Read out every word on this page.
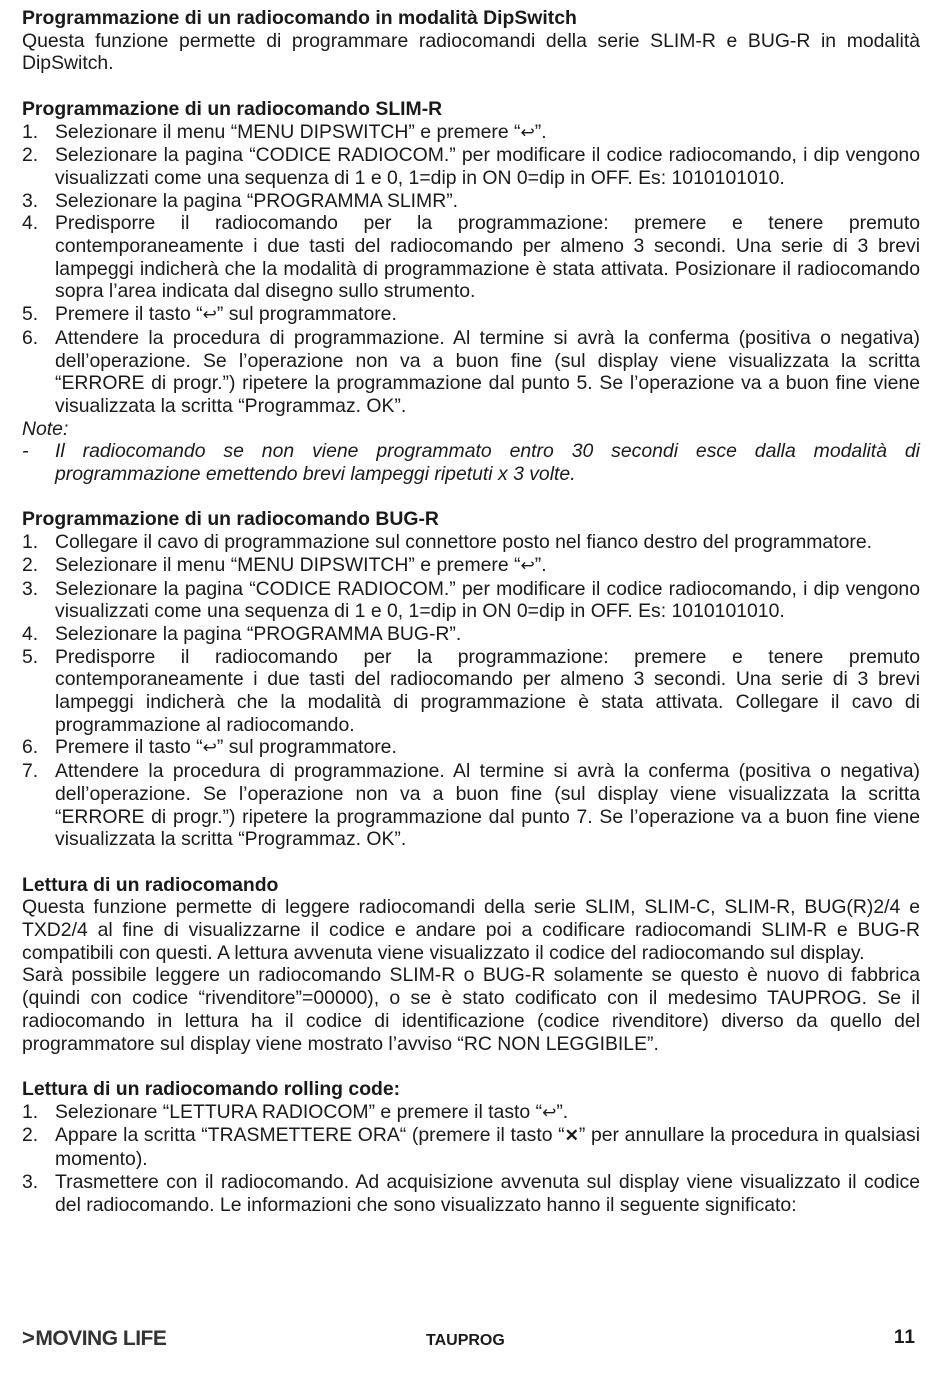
Programmazione di un radiocomando in modalità DipSwitch

Questa funzione permette di programmare radiocomandi della serie SLIM-R e BUG-R in modalità DipSwitch.

Programmazione di un radiocomando SLIM-R
1. Selezionare il menu “MENU DIPSWITCH” e premere “↩”.
2. Selezionare la pagina “CODICE RADIOCOM.” per modificare il codice radiocomando, i dip vengono visualizzati come una sequenza di 1 e 0, 1=dip in ON 0=dip in OFF. Es: 1010101010.
3. Selezionare la pagina “PROGRAMMA SLIMR”.
4. Predisporre il radiocomando per la programmazione: premere e tenere premuto contemporaneamente i due tasti del radiocomando per almeno 3 secondi. Una serie di 3 brevi lampeggi indicherà che la modalità di programmazione è stata attivata. Posizionare il radiocomando sopra l’area indicata dal disegno sullo strumento.
5. Premere il tasto “↩” sul programmatore.
6. Attendere la procedura di programmazione. Al termine si avrà la conferma (positiva o negativa) dell’operazione. Se l’operazione non va a buon fine (sul display viene visualizzata la scritta “ERRORE di progr.”) ripetere la programmazione dal punto 5. Se l’operazione va a buon fine viene visualizzata la scritta “Programmaz. OK”.
Note:
-	Il radiocomando se non viene programmato entro 30 secondi esce dalla modalità di programmazione emettendo brevi lampeggi ripetuti x 3 volte.
Programmazione di un radiocomando BUG-R
1. Collegare il cavo di programmazione sul connettore posto nel fianco destro del programmatore.
2. Selezionare il menu “MENU DIPSWITCH” e premere “↩”.
3. Selezionare la pagina “CODICE RADIOCOM.” per modificare il codice radiocomando, i dip vengono visualizzati come una sequenza di 1 e 0, 1=dip in ON 0=dip in OFF. Es: 1010101010.
4. Selezionare la pagina “PROGRAMMA BUG-R”.
5. Predisporre il radiocomando per la programmazione: premere e tenere premuto contemporaneamente i due tasti del radiocomando per almeno 3 secondi. Una serie di 3 brevi lampeggi indicherà che la modalità di programmazione è stata attivata. Collegare il cavo di programmazione al radiocomando.
6. Premere il tasto “↩” sul programmatore.
7. Attendere la procedura di programmazione. Al termine si avrà la conferma (positiva o negativa) dell’operazione. Se l’operazione non va a buon fine (sul display viene visualizzata la scritta “ERRORE di progr.”) ripetere la programmazione dal punto 7. Se l’operazione va a buon fine viene visualizzata la scritta “Programmaz. OK”.
Lettura di un radiocomando

Questa funzione permette di leggere radiocomandi della serie SLIM, SLIM-C, SLIM-R, BUG(R)2/4 e TXD2/4 al fine di visualizzarne il codice e andare poi a codificare radiocomandi SLIM-R e BUG-R compatibili con questi. A lettura avvenuta viene visualizzato il codice del radiocomando sul display.

Sarà possibile leggere un radiocomando SLIM-R o BUG-R solamente se questo è nuovo di fabbrica (quindi con codice “rivenditore”=00000), o se è stato codificato con il medesimo TAUPROG. Se il radiocomando in lettura ha il codice di identificazione (codice rivenditore) diverso da quello del programmatore sul display viene mostrato l’avviso “RC NON LEGGIBILE”.

Lettura di un radiocomando rolling code:
1. Selezionare “LETTURA RADIOCOM” e premere il tasto “↩”.
2. Appare la scritta “TRASMETTERE ORA“ (premere il tasto “✕” per annullare la procedura in qualsiasi momento).
3. Trasmettere con il radiocomando. Ad acquisizione avvenuta sul display viene visualizzato il codice del radiocomando. Le informazioni che sono visualizzato hanno il seguente significato:
>MOVING LIFE	TAUPROG	11
